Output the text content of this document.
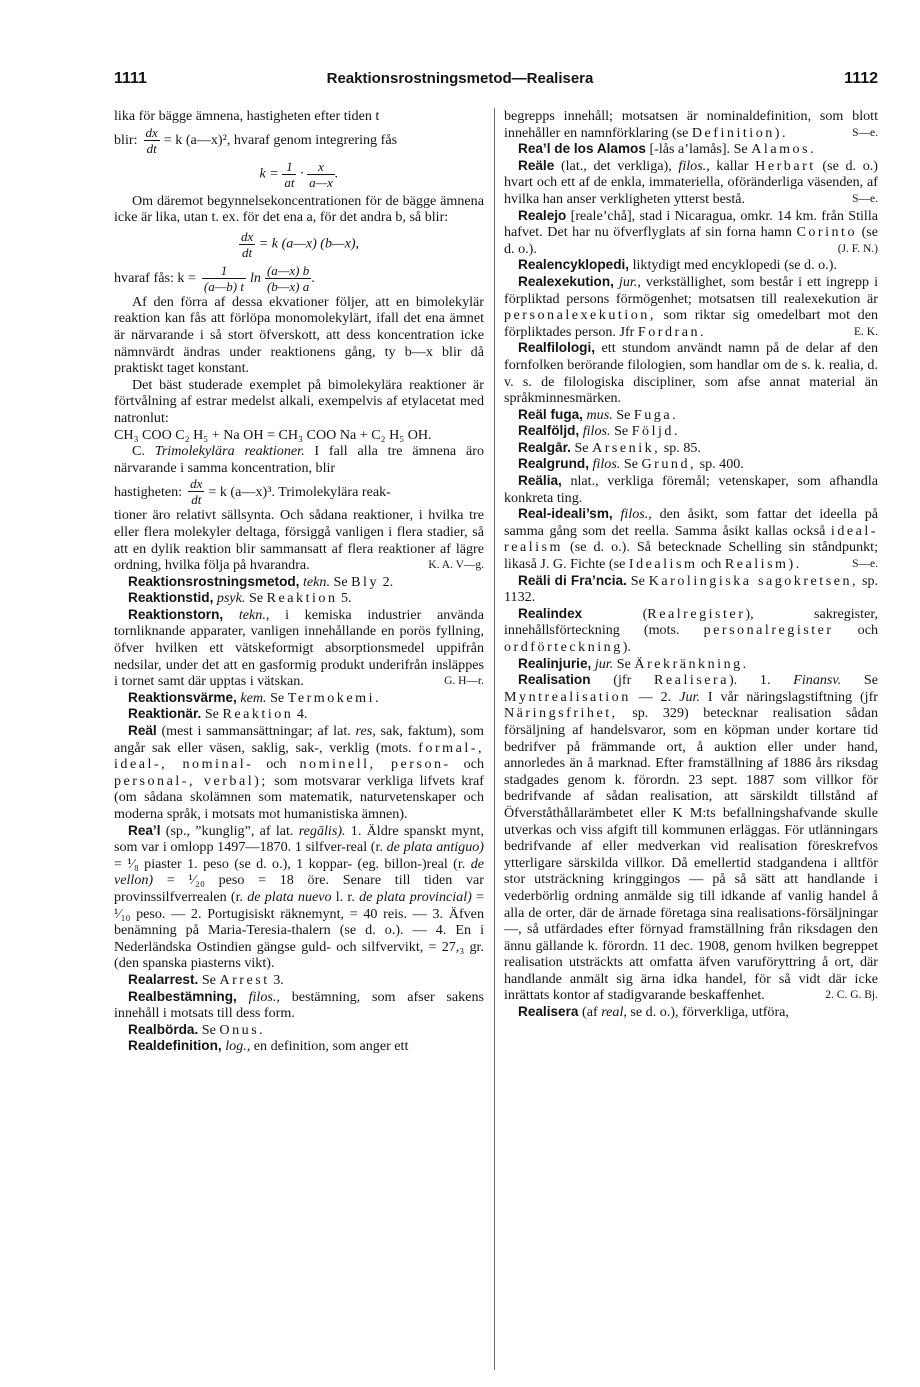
1111	Reaktionsrostningsmetod—Realisera	1112

lika för bägge ämnena, hastigheten efter tiden t

blir: $\frac{dx}{dt} = k$ (a—x)², hvaraf genom integrering fås
$k = \frac{1}{at} \cdot \frac{x}{a—x}$ .

Om däremot begynnelsekoncentrationen för de bägge ämnena icke är lika, utan t. ex. för det ena a, för det andra b, så blir:

$\frac{dx}{dt} = k$ (a—x) (b—x),
hvaraf fås: $k = \frac{1}{(a—b) t}$ ln (a—x) b
(b—x) a
.

Af den förra af dessa ekvationer följer, att en bimolekylär reaktion kan fås att förlöpa monomolekylärt, ifall det ena ämnet är närvarande i så stort öfverskott, att dess koncentration icke nämnvärdt ändras under reaktionens gång, ty b—x blir då praktiskt taget konstant.

Det bäst studerade exemplet på bimolekylära reaktioner är förtvålning af estrar medelst alkali, exempelvis af etylacetat med natronlut:

CH₃ COO C₂ H₅ + Na OH = CH₃ COO Na + C₂ H₅ OH.

C. Trimolekylära reaktioner. I fall alla tre ämnena äro närvarande i samma koncentration, blir

hastigheten: $\frac{dx}{dt} = k$ (a—x)³. Trimolekylära reak-

tioner äro relativt sällsynta. Och sådana reaktioner, i hvilka tre eller flera molekyler deltaga, försiggå vanligen i flera stadier, så att en dylik reaktion blir sammansatt af flera reaktioner af lägre ordning, hvilka följa på hvarandra.	K. A. V—g.

Reaktionsrostningsmetod, tekn. Se Bly 2.

Reaktionstid, psyk. Se Reaktion 5.

Reaktionstorn, tekn., i kemiska industrier använda tornliknande apparater, vanligen innehållande en porös fyllning, öfver hvilken ett vätskeformigt absorptionsmedel uppifrån nedsilar, under det att en gasformig produkt underifrån insläppes i tornet samt där upptas i vätskan.	G. H—r.

Reaktionsvärme, kem. Se Termokemi.

Reaktionär. Se Reaktion 4.

Reäl (mest i sammansättningar; af lat. res, sak, faktum), som angår sak eller väsen, saklig, sak-, verklig (mots. formal-, ideal-, nominal- och nominell, person- och personal-, verbal); som motsvarar verkliga lifvets kraf (om sådana skolämnen som matematik, naturvetenskaper och moderna språk, i motsats mot humanistiska ämnen).

Rea’l (sp., ”kunglig”, af lat. regālis). 1. Äldre spanskt mynt, som var i omlopp 1497—1870. 1 silfver-real (r. de plata antiguo) = ¹⁄₈ piaster 1. peso (se d. o.), 1 koppar- (eg. billon-)real (r. de vellon) = ¹⁄₂₀ peso = 18 öre. Senare till tiden var provinssilfverrealen (r. de plata nuevo l. r. de plata provincial) = ¹⁄₁₀ peso. — 2. Portugisiskt räknemynt, = 40 reis. — 3. Äfven benämning på Maria-Teresia-thalern (se d. o.). — 4. En i Nederländska Ostindien gängse guld- och silfvervikt, = 27,₃ gr. (den spanska piasterns vikt).

Realarrest. Se Arrest 3.

Realbestämning, filos., bestämning, som afser sakens innehåll i motsats till dess form.

Realbörda. Se Onus.

Realdefinition, log., en definition, som anger ett

begrepps innehåll; motsatsen är nominaldefinition, som blott innehåller en namnförklaring (se Definition).	S—e.

Rea’l de los Alamos [-lås a’lamås]. Se Alamos.

Reäle (lat., det verkliga), filos., kallar Herbart (se d. o.) hvart och ett af de enkla, immateriella, oföränderliga väsenden, af hvilka han anser verkligheten ytterst bestå.	S—e.

Realejo [reale’chå], stad i Nicaragua, omkr. 14 km. från Stilla hafvet. Det har nu öfverflyglats af sin forna hamn Corinto (se d. o.).	(J. F. N.)

Realencyklopedi, liktydigt med encyklopedi (se d. o.).

Realexekution, jur., verkställighet, som består i ett ingrepp i förpliktad persons förmögenhet; motsatsen till realexekution är personalexekution, som riktar sig omedelbart mot den förpliktades person. Jfr Fordran.	E. K.

Realfilologi, ett stundom användt namn på de delar af den fornfolken berörande filologien, som handlar om de s. k. realia, d. v. s. de filologiska discipliner, som afse annat material än språkminnesmärken.

Reäl fuga, mus. Se Fuga.

Realföljd, filos. Se Följd.

Realgār. Se Arsenik, sp. 85.

Realgrund, filos. Se Grund, sp. 400.

Reälia, nlat., verkliga föremål; vetenskaper, som afhandla konkreta ting.

Real-ideali’sm, filos., den åsikt, som fattar det ideella på samma gång som det reella. Samma åsikt kallas också ideal-realism (se d. o.). Så betecknade Schelling sin ståndpunkt; likaså J. G. Fichte (se Idealism och Realism).	S—e.

Reäli di Fra’ncia. Se Karolingiska sagokretsen, sp. 1132.

Realindex	(Realregister), sakregister, innehållsförteckning (mots. personalregister och ordförteckning).

Realinjurie, jur. Se Ärekränkning.

Realisation (jfr Realisera). 1. Finansv. Se Myntrealisation — 2. Jur. I vår näringslagstiftning (jfr Näringsfrihet, sp. 329) betecknar realisation sådan försäljning af handelsvaror, som en köpman under kortare tid bedrifver på främmande ort, å auktion eller under hand, annorledes än å marknad. Efter framställning af 1886 års riksdag stadgades genom k. förordn. 23 sept. 1887 som villkor för bedrifvande af sådan realisation, att särskildt tillstånd af Öfverståthållarämbetet eller K M:ts befallningshafvande skulle utverkas och viss afgift till kommunen erläggas. För utlänningars bedrifvande af eller medverkan vid realisation föreskrefvos ytterligare särskilda villkor. Då emellertid stadgandena i alltför stor utsträckning kringgingos — på så sätt att handlande i vederbörlig ordning anmälde sig till idkande af vanlig handel å alla de orter, där de ärnade företaga sina realisations-försäljningar —, så utfärdades efter förnyad framställning från riksdagen den ännu gällande k. förordn. 11 dec. 1908, genom hvilken begreppet realisation utsträckts att omfatta äfven varuföryttring å ort, där handlande anmält sig ärna idka handel, för så vidt där icke inrättats kontor af stadigvarande beskaffenhet.	2. C. G. Bj.

Realisera (af real, se d. o.), förverkliga, utföra,
